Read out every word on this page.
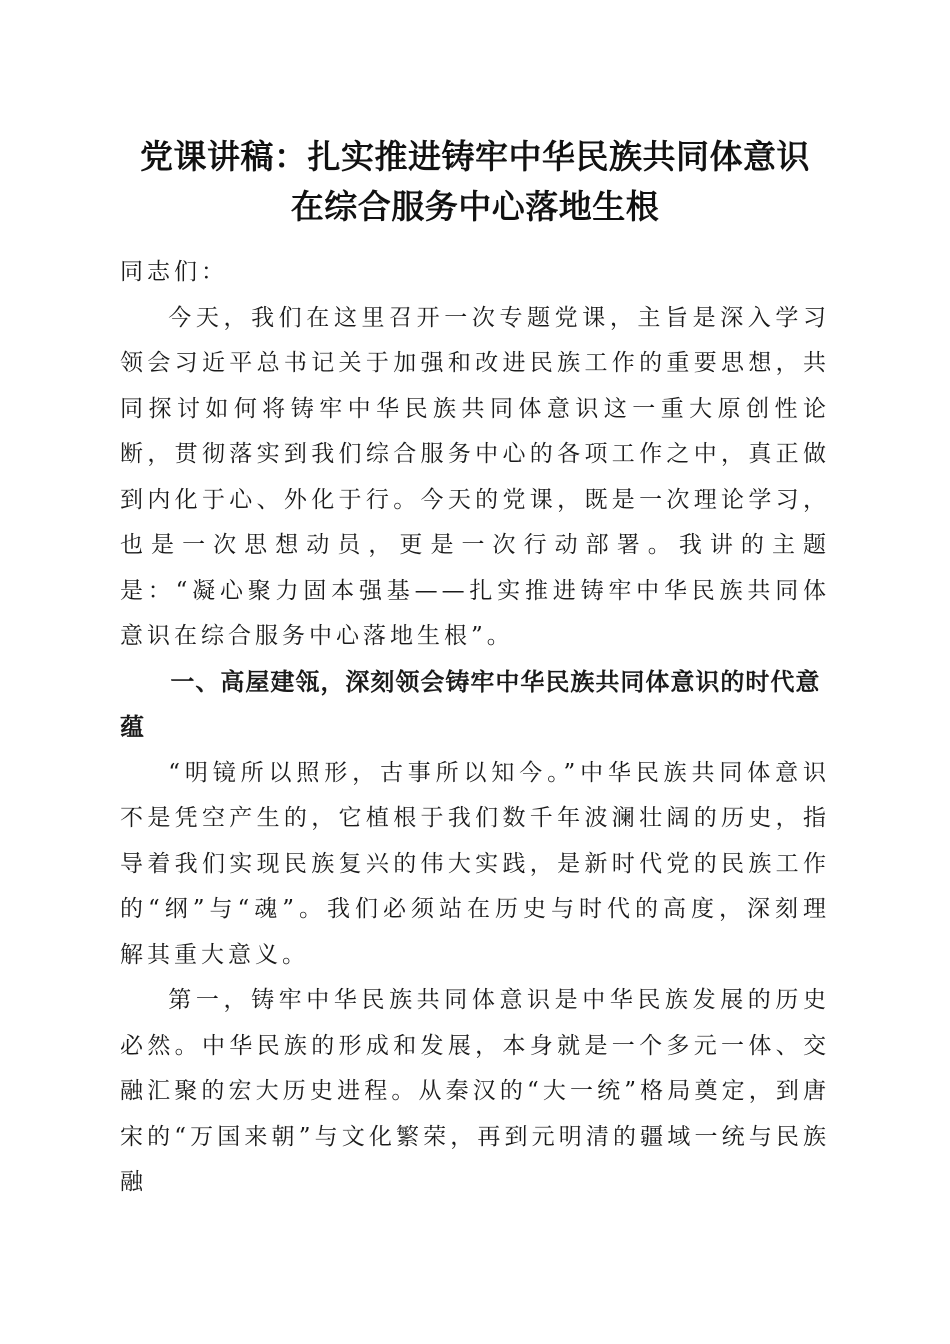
党课讲稿：扎实推进铸牢中华民族共同体意识
在综合服务中心落地生根

同志们：

今天，我们在这里召开一次专题党课，主旨是深入学习领会习近平总书记关于加强和改进民族工作的重要思想，共同探讨如何将铸牢中华民族共同体意识这一重大原创性论断，贯彻落实到我们综合服务中心的各项工作之中，真正做到内化于心、外化于行。今天的党课，既是一次理论学习，也是一次思想动员，更是一次行动部署。我讲的主题是：“凝心聚力固本强基——扎实推进铸牢中华民族共同体意识在综合服务中心落地生根”。

一、高屋建瓴，深刻领会铸牢中华民族共同体意识的时代意蕴

“明镜所以照形，古事所以知今。”中华民族共同体意识不是凭空产生的，它植根于我们数千年波澜壮阔的历史，指导着我们实现民族复兴的伟大实践，是新时代党的民族工作的“纲”与“魂”。我们必须站在历史与时代的高度，深刻理解其重大意义。

第一，铸牢中华民族共同体意识是中华民族发展的历史必然。中华民族的形成和发展，本身就是一个多元一体、交融汇聚的宏大历史进程。从秦汉的“大一统”格局奠定，到唐宋的“万国来朝”与文化繁荣，再到元明清的疆域一统与民族融
